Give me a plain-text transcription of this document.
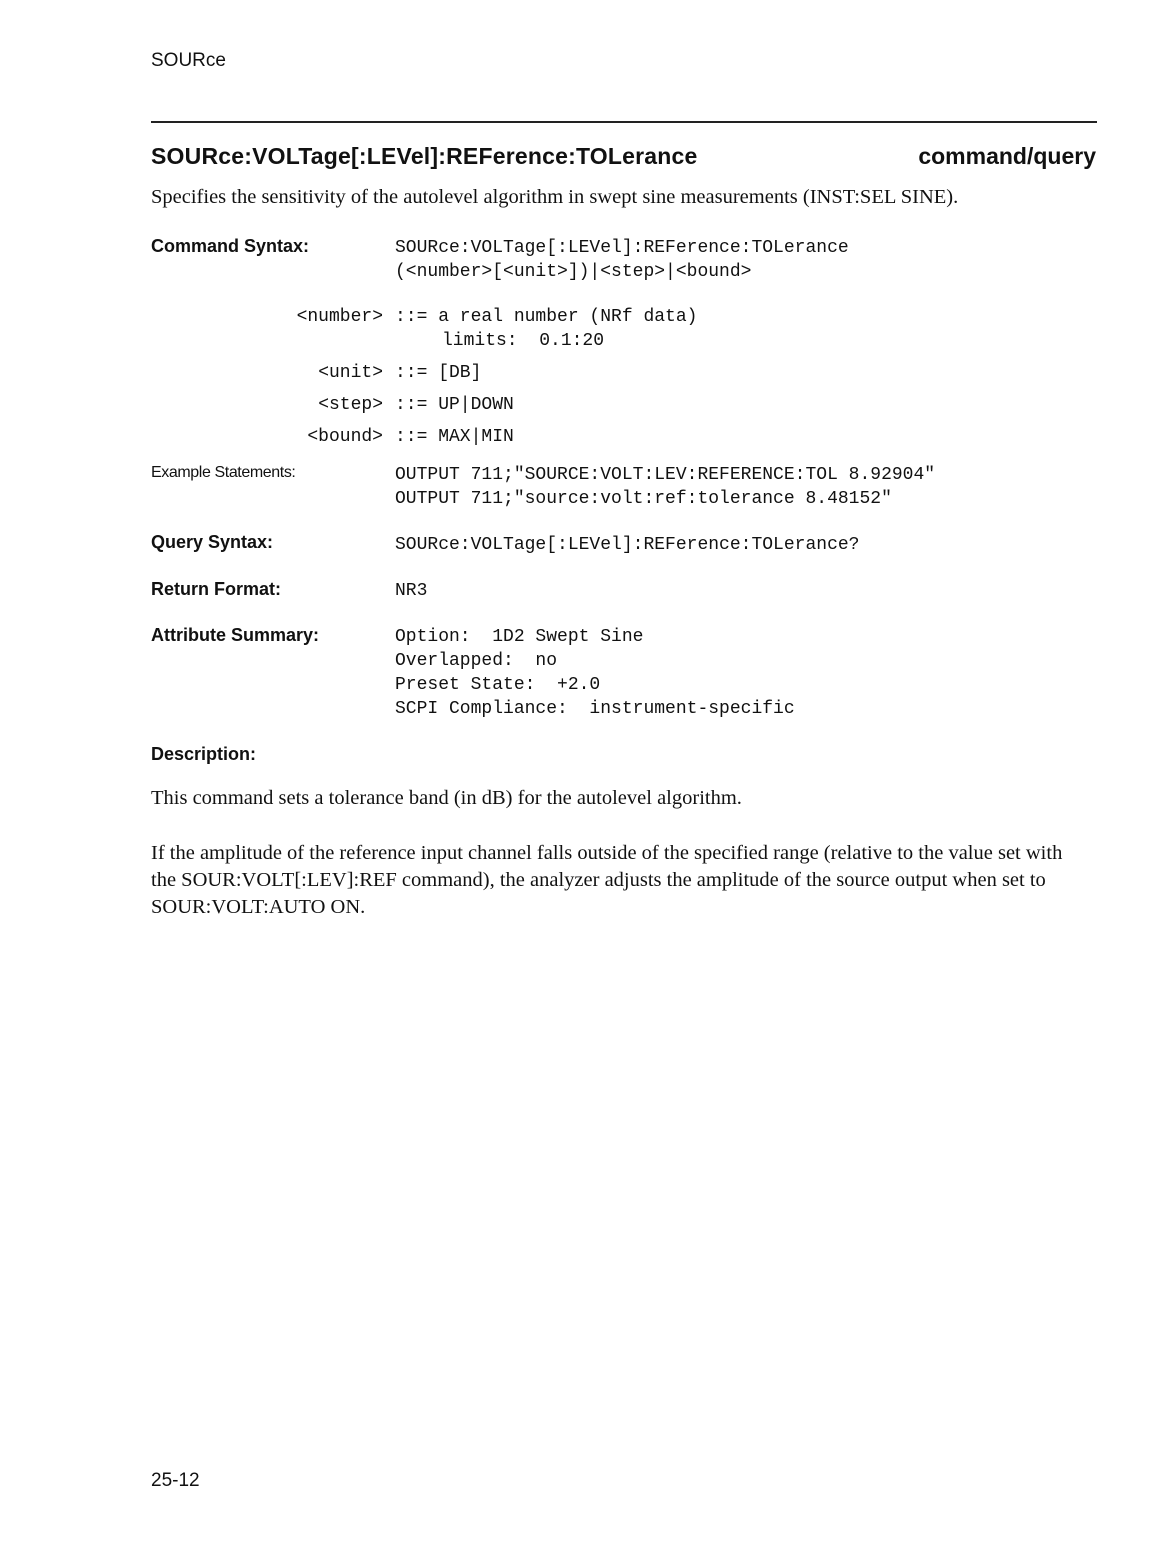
SOURce
SOURce:VOLTage[:LEVel]:REFerence:TOLerance	command/query
Specifies the sensitivity of the autolevel algorithm in swept sine measurements (INST:SEL SINE).
Command Syntax:	SOURce:VOLTage[:LEVel]:REFerence:TOLerance
(<number>[<unit>])|<step>|<bound>
<number> ::= a real number (NRf data)
limits:  0.1:20
<unit> ::= [DB]
<step> ::= UP|DOWN
<bound> ::= MAX|MIN
Example Statements:	OUTPUT 711;"SOURCE:VOLT:LEV:REFERENCE:TOL 8.92904"
OUTPUT 711;"source:volt:ref:tolerance 8.48152"
Query Syntax:	SOURce:VOLTage[:LEVel]:REFerence:TOLerance?
Return Format:	NR3
Attribute Summary:	Option:  1D2 Swept Sine
Overlapped:  no
Preset State:  +2.0
SCPI Compliance:  instrument-specific
Description:
This command sets a tolerance band (in dB) for the autolevel algorithm.
If the amplitude of the reference input channel falls outside of the specified range (relative to the value set with the SOUR:VOLT[:LEV]:REF command), the analyzer adjusts the amplitude of the source output when set to SOUR:VOLT:AUTO ON.
25-12
